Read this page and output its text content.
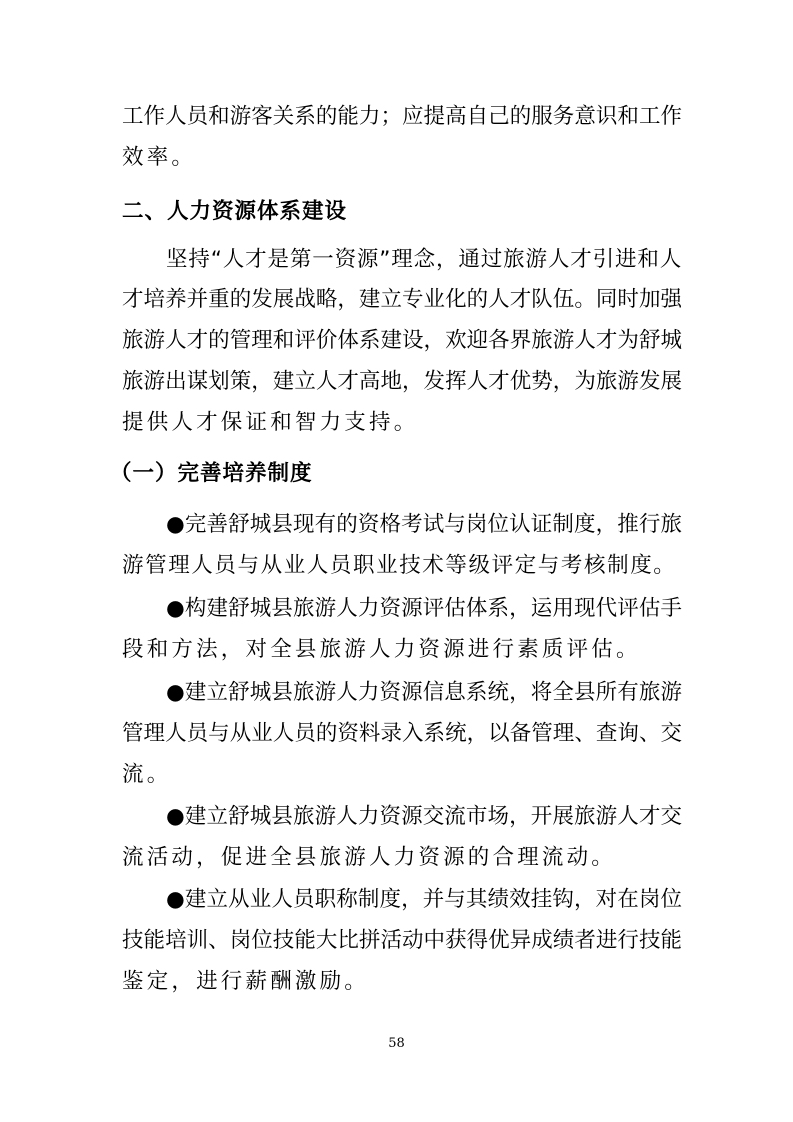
工作人员和游客关系的能力；应提高自己的服务意识和工作
效率。
二、人力资源体系建设
坚持“人才是第一资源”理念，通过旅游人才引进和人
才培养并重的发展战略，建立专业化的人才队伍。同时加强
旅游人才的管理和评价体系建设，欢迎各界旅游人才为舒城
旅游出谋划策，建立人才高地，发挥人才优势，为旅游发展
提供人才保证和智力支持。
（一）完善培养制度
●完善舒城县现有的资格考试与岗位认证制度，推行旅
游管理人员与从业人员职业技术等级评定与考核制度。
●构建舒城县旅游人力资源评估体系，运用现代评估手
段和方法，对全县旅游人力资源进行素质评估。
●建立舒城县旅游人力资源信息系统，将全县所有旅游
管理人员与从业人员的资料录入系统，以备管理、查询、交
流。
●建立舒城县旅游人力资源交流市场，开展旅游人才交
流活动，促进全县旅游人力资源的合理流动。
●建立从业人员职称制度，并与其绩效挂钩，对在岗位
技能培训、岗位技能大比拼活动中获得优异成绩者进行技能
鉴定，进行薪酬激励。
58
